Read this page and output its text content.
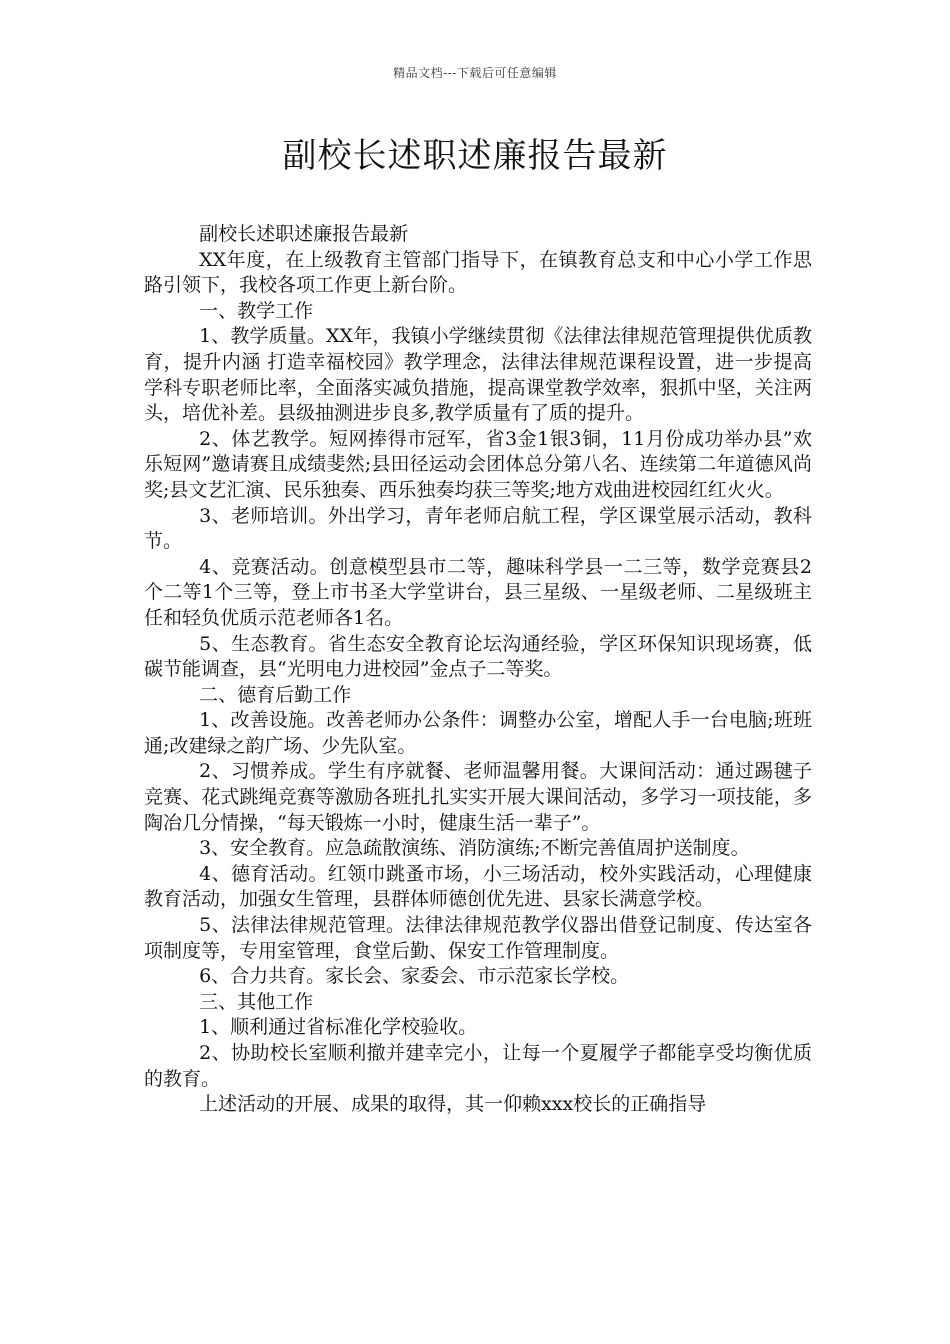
精品文档---下载后可任意编辑
副校长述职述廉报告最新

副校长述职述廉报告最新

XX年度，在上级教育主管部门指导下，在镇教育总支和中心小学工作思路引领下，我校各项工作更上新台阶。

一、教学工作

1、教学质量。XX年，我镇小学继续贯彻《法律法律规范管理提供优质教育，提升内涵 打造幸福校园》教学理念，法律法律规范课程设置，进一步提高学科专职老师比率，全面落实减负措施，提高课堂教学效率，狠抓中坚，关注两头，培优补差。县级抽测进步良多,教学质量有了质的提升。

2、体艺教学。短网捧得市冠军，省3金1银3铜，11月份成功举办县”欢乐短网”邀请赛且成绩斐然;县田径运动会团体总分第八名、连续第二年道德风尚奖;县文艺汇演、民乐独奏、西乐独奏均获三等奖;地方戏曲进校园红红火火。

3、老师培训。外出学习，青年老师启航工程，学区课堂展示活动，教科节。

4、竞赛活动。创意模型县市二等，趣味科学县一二三等，数学竞赛县2个二等1个三等，登上市书圣大学堂讲台，县三星级、一星级老师、二星级班主任和轻负优质示范老师各1名。

5、生态教育。省生态安全教育论坛沟通经验，学区环保知识现场赛，低碳节能调查，县“光明电力进校园”金点子二等奖。

二、德育后勤工作

1、改善设施。改善老师办公条件：调整办公室，增配人手一台电脑;班班通;改建绿之韵广场、少先队室。

2、习惯养成。学生有序就餐、老师温馨用餐。大课间活动：通过踢毽子竞赛、花式跳绳竞赛等激励各班扎扎实实开展大课间活动，多学习一项技能，多陶冶几分情操，“每天锻炼一小时，健康生活一辈子”。

3、安全教育。应急疏散演练、消防演练;不断完善值周护送制度。

4、德育活动。红领巾跳蚤市场，小三场活动，校外实践活动，心理健康教育活动，加强女生管理，县群体师德创优先进、县家长满意学校。

5、法律法律规范管理。法律法律规范教学仪器出借登记制度、传达室各项制度等，专用室管理，食堂后勤、保安工作管理制度。

6、合力共育。家长会、家委会、市示范家长学校。

三、其他工作

1、顺利通过省标准化学校验收。

2、协助校长室顺利撤并建幸完小，让每一个夏履学子都能享受均衡优质的教育。

上述活动的开展、成果的取得，其一仰赖xxx校长的正确指导
